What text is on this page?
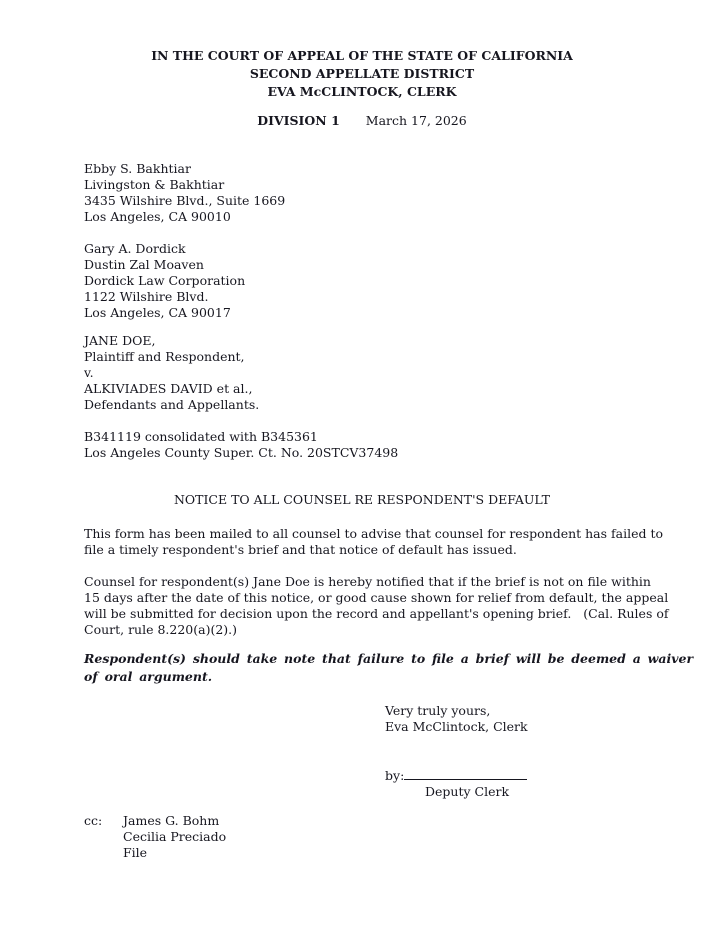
IN THE COURT OF APPEAL OF THE STATE OF CALIFORNIA
SECOND APPELLATE DISTRICT
EVA McCLINTOCK, CLERK
DIVISION 1 March 17, 2026
Ebby S. Bakhtiar
Livingston & Bakhtiar
3435 Wilshire Blvd., Suite 1669
Los Angeles, CA 90010
Gary A. Dordick
Dustin Zal Moaven
Dordick Law Corporation
1122 Wilshire Blvd.
Los Angeles, CA 90017
JANE DOE,
Plaintiff and Respondent,
v.
ALKIVIADES DAVID et al.,
Defendants and Appellants.
B341119 consolidated with B345361
Los Angeles County Super. Ct. No. 20STCV37498
NOTICE TO ALL COUNSEL RE RESPONDENT'S DEFAULT
This form has been mailed to all counsel to advise that counsel for respondent has failed to
file a timely respondent's brief and that notice of default has issued.
Counsel for respondent(s) Jane Doe is hereby notified that if the brief is not on file within
15 days after the date of this notice, or good cause shown for relief from default, the appeal
will be submitted for decision upon the record and appellant's opening brief.   (Cal. Rules of
Court, rule 8.220(a)(2).)
Respondent(s) should take note that failure to file a brief will be deemed a waiver
of oral argument.
Very truly yours,
Eva McClintock, Clerk
by:
Deputy Clerk
cc:	James G. Bohm
Cecilia Preciado
File
